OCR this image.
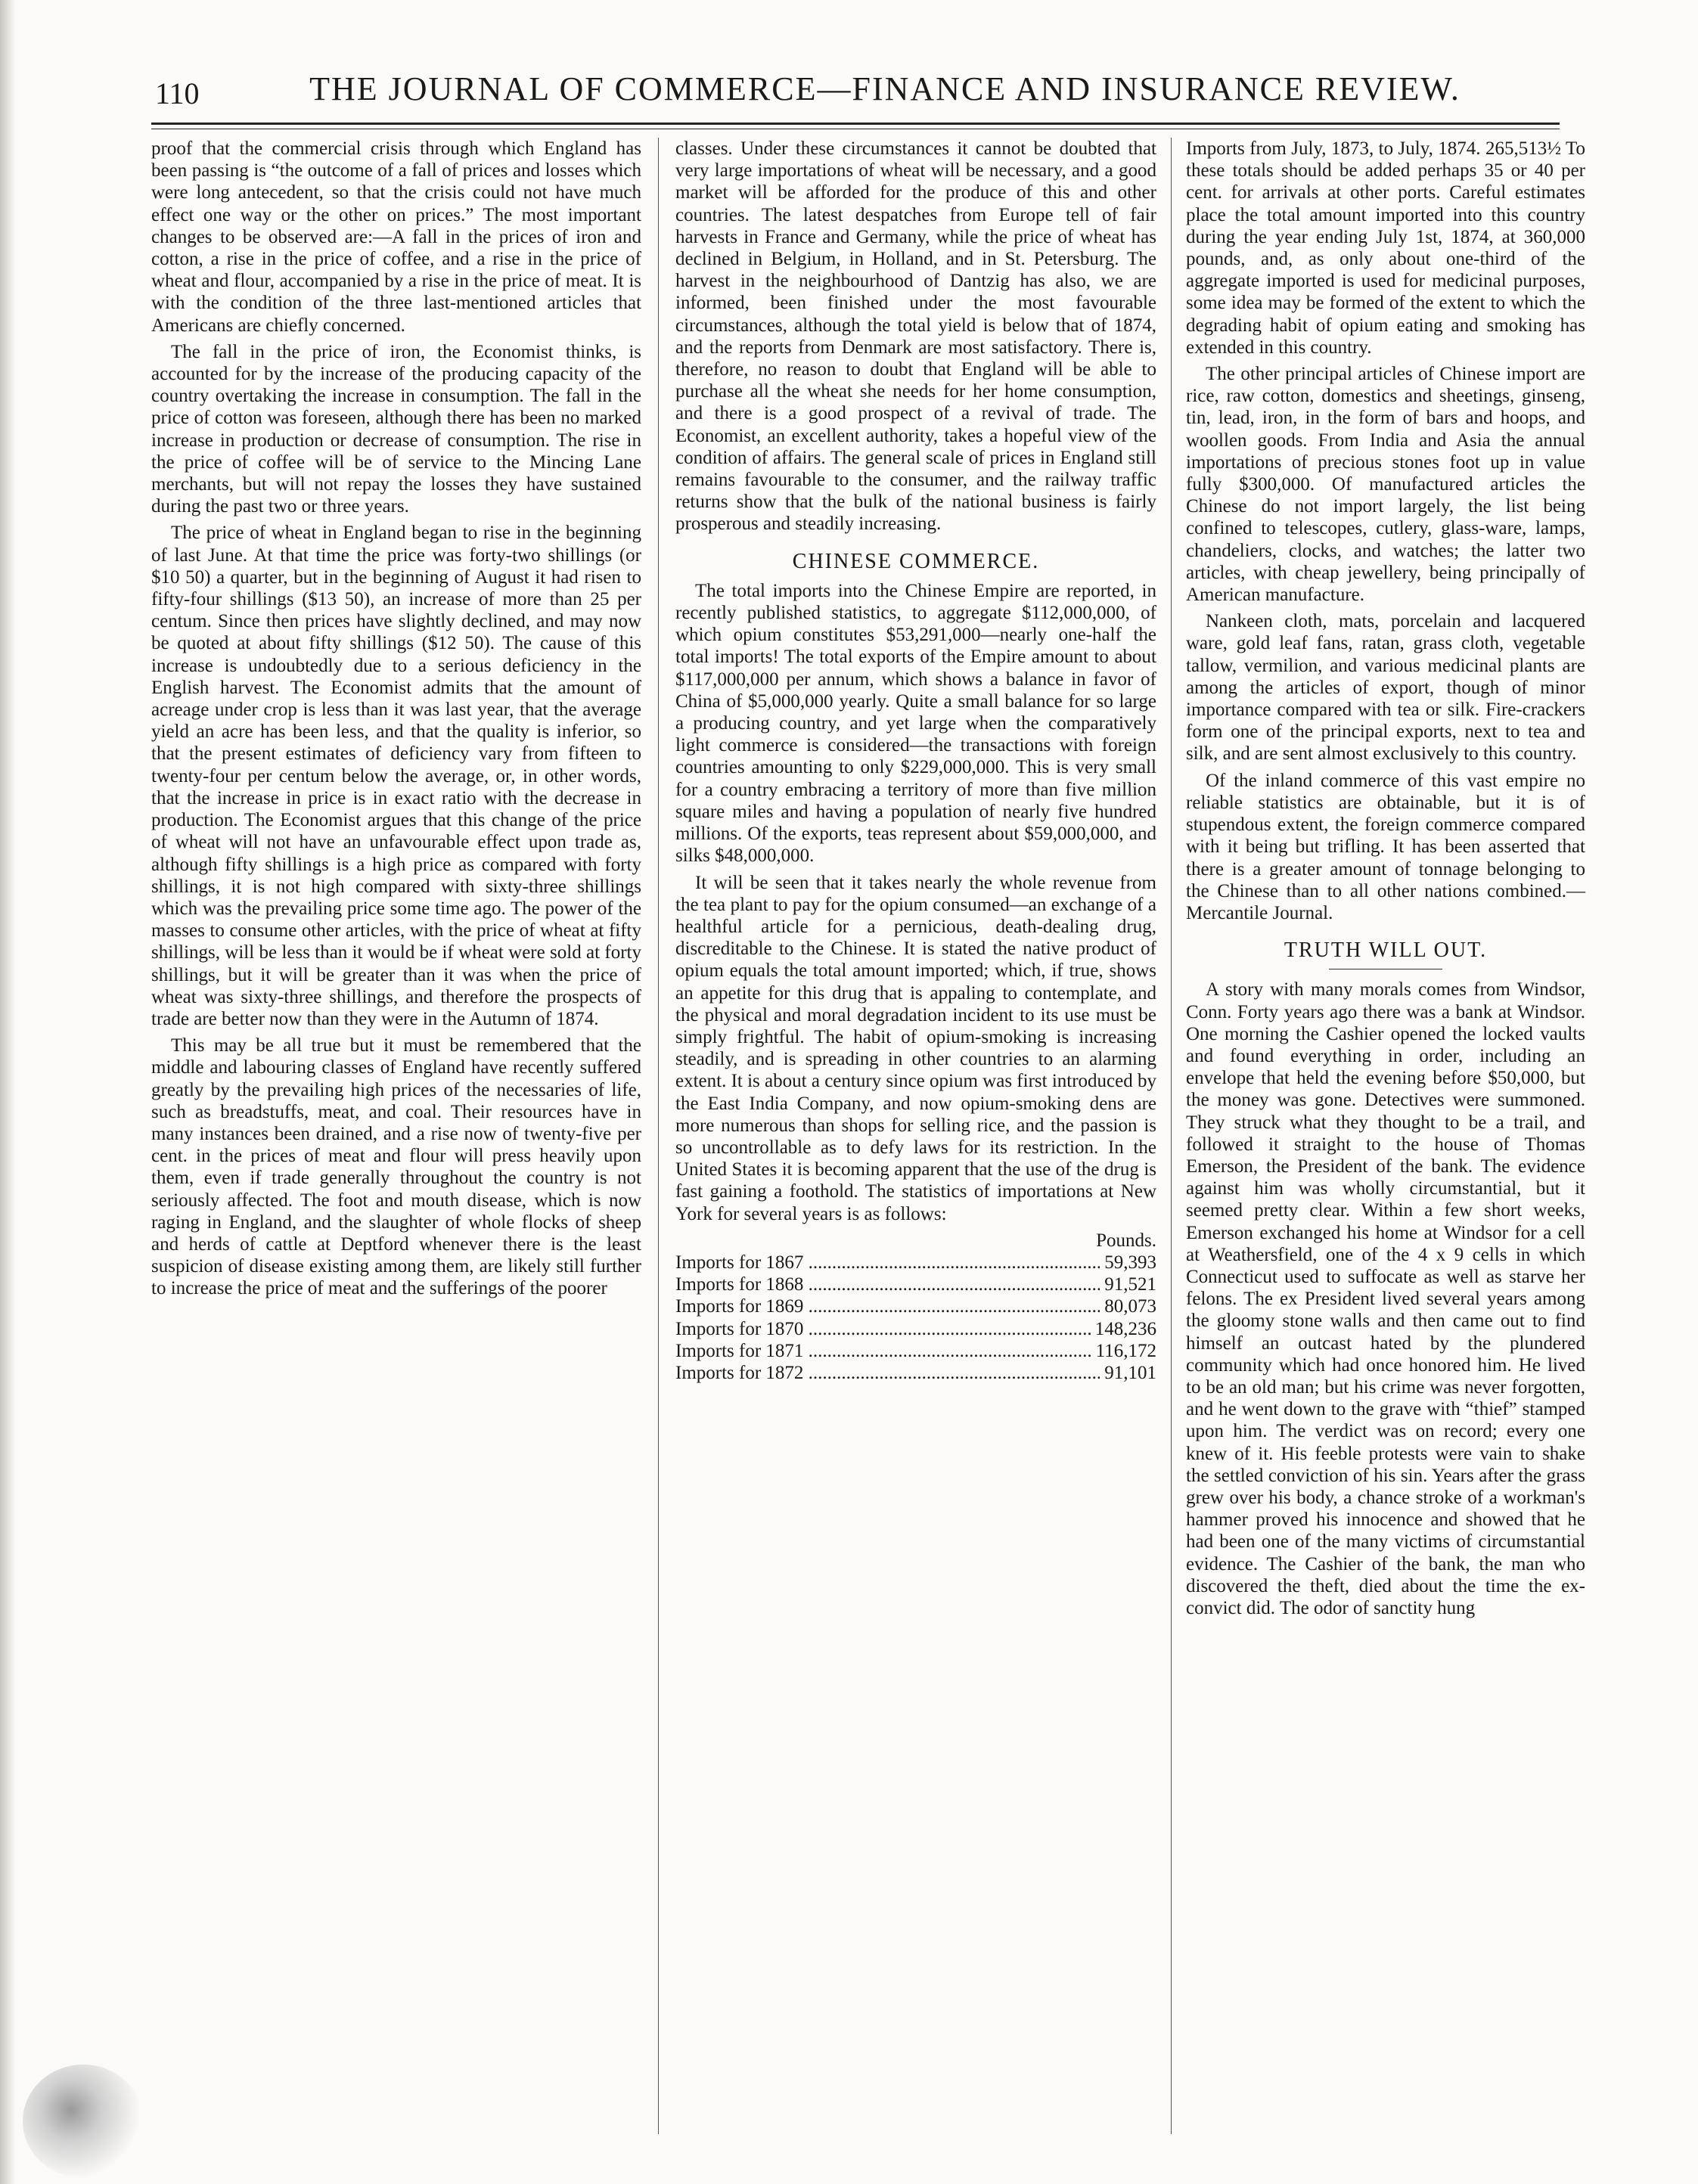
110	THE JOURNAL OF COMMERCE—FINANCE AND INSURANCE REVIEW.

proof that the commercial crisis through which England has been passing is “the outcome of a fall of prices and losses which were long antecedent, so that the crisis could not have much effect one way or the other on prices.” The most important changes to be observed are:—A fall in the prices of iron and cotton, a rise in the price of coffee, and a rise in the price of wheat and flour, accompanied by a rise in the price of meat. It is with the condition of the three last-mentioned articles that Americans are chiefly concerned.

The fall in the price of iron, the Economist thinks, is accounted for by the increase of the producing capacity of the country overtaking the increase in consumption. The fall in the price of cotton was foreseen, although there has been no marked increase in production or decrease of consumption. The rise in the price of coffee will be of service to the Mincing Lane merchants, but will not repay the losses they have sustained during the past two or three years.

The price of wheat in England began to rise in the beginning of last June. At that time the price was forty-two shillings (or $10 50) a quarter, but in the beginning of August it had risen to fifty-four shillings ($13 50), an increase of more than 25 per centum. Since then prices have slightly declined, and may now be quoted at about fifty shillings ($12 50). The cause of this increase is undoubtedly due to a serious deficiency in the English harvest. The Economist admits that the amount of acreage under crop is less than it was last year, that the average yield an acre has been less, and that the quality is inferior, so that the present estimates of deficiency vary from fifteen to twenty-four per centum below the average, or, in other words, that the increase in price is in exact ratio with the decrease in production. The Economist argues that this change of the price of wheat will not have an unfavourable effect upon trade as, although fifty shillings is a high price as compared with forty shillings, it is not high compared with sixty-three shillings which was the prevailing price some time ago. The power of the masses to consume other articles, with the price of wheat at fifty shillings, will be less than it would be if wheat were sold at forty shillings, but it will be greater than it was when the price of wheat was sixty-three shillings, and therefore the prospects of trade are better now than they were in the Autumn of 1874.

This may be all true but it must be remembered that the middle and labouring classes of England have recently suffered greatly by the prevailing high prices of the necessaries of life, such as breadstuffs, meat, and coal. Their resources have in many instances been drained, and a rise now of twenty-five per cent. in the prices of meat and flour will press heavily upon them, even if trade generally throughout the country is not seriously affected. The foot and mouth disease, which is now raging in England, and the slaughter of whole flocks of sheep and herds of cattle at Deptford whenever there is the least suspicion of disease existing among them, are likely still further to increase the price of meat and the sufferings of the poorer

classes. Under these circumstances it cannot be doubted that very large importations of wheat will be necessary, and a good market will be afforded for the produce of this and other countries. The latest despatches from Europe tell of fair harvests in France and Germany, while the price of wheat has declined in Belgium, in Holland, and in St. Petersburg. The harvest in the neighbourhood of Dantzig has also, we are informed, been finished under the most favourable circumstances, although the total yield is below that of 1874, and the reports from Denmark are most satisfactory. There is, therefore, no reason to doubt that England will be able to purchase all the wheat she needs for her home consumption, and there is a good prospect of a revival of trade. The Economist, an excellent authority, takes a hopeful view of the condition of affairs. The general scale of prices in England still remains favourable to the consumer, and the railway traffic returns show that the bulk of the national business is fairly prosperous and steadily increasing.

CHINESE COMMERCE.

The total imports into the Chinese Empire are reported, in recently published statistics, to aggregate $112,000,000, of which opium constitutes $53,291,000—nearly one-half the total imports! The total exports of the Empire amount to about $117,000,000 per annum, which shows a balance in favor of China of $5,000,000 yearly. Quite a small balance for so large a producing country, and yet large when the comparatively light commerce is considered—the transactions with foreign countries amounting to only $229,000,000. This is very small for a country embracing a territory of more than five million square miles and having a population of nearly five hundred millions. Of the exports, teas represent about $59,000,000, and silks $48,000,000.

It will be seen that it takes nearly the whole revenue from the tea plant to pay for the opium consumed—an exchange of a healthful article for a pernicious, death-dealing drug, discreditable to the Chinese. It is stated the native product of opium equals the total amount imported; which, if true, shows an appetite for this drug that is appaling to contemplate, and the physical and moral degradation incident to its use must be simply frightful. The habit of opium-smoking is increasing steadily, and is spreading in other countries to an alarming extent. It is about a century since opium was first introduced by the East India Company, and now opium-smoking dens are more numerous than shops for selling rice, and the passion is so uncontrollable as to defy laws for its restriction. In the United States it is becoming apparent that the use of the drug is fast gaining a foothold. The statistics of importations at New York for several years is as follows:

Pounds.
Imports for 1867 .....	59,393
Imports for 1868 .....	91,521
Imports for 1869 .....	80,073
Imports for 1870 .....	148,236
Imports for 1871 .....	116,172
Imports for 1872 .....	91,101

Imports from July, 1873, to July, 1874. 265,513½ To these totals should be added perhaps 35 or 40 per cent. for arrivals at other ports. Careful estimates place the total amount imported into this country during the year ending July 1st, 1874, at 360,000 pounds, and, as only about one-third of the aggregate imported is used for medicinal purposes, some idea may be formed of the extent to which the degrading habit of opium eating and smoking has extended in this country.

The other principal articles of Chinese import are rice, raw cotton, domestics and sheetings, ginseng, tin, lead, iron, in the form of bars and hoops, and woollen goods. From India and Asia the annual importations of precious stones foot up in value fully $300,000. Of manufactured articles the Chinese do not import largely, the list being confined to telescopes, cutlery, glass-ware, lamps, chandeliers, clocks, and watches; the latter two articles, with cheap jewellery, being principally of American manufacture.

Nankeen cloth, mats, porcelain and lacquered ware, gold leaf fans, ratan, grass cloth, vegetable tallow, vermilion, and various medicinal plants are among the articles of export, though of minor importance compared with tea or silk. Fire-crackers form one of the principal exports, next to tea and silk, and are sent almost exclusively to this country.

Of the inland commerce of this vast empire no reliable statistics are obtainable, but it is of stupendous extent, the foreign commerce compared with it being but trifling. It has been asserted that there is a greater amount of tonnage belonging to the Chinese than to all other nations combined.—Mercantile Journal.

TRUTH WILL OUT.

A story with many morals comes from Windsor, Conn. Forty years ago there was a bank at Windsor. One morning the Cashier opened the locked vaults and found everything in order, including an envelope that held the evening before $50,000, but the money was gone. Detectives were summoned. They struck what they thought to be a trail, and followed it straight to the house of Thomas Emerson, the President of the bank. The evidence against him was wholly circumstantial, but it seemed pretty clear. Within a few short weeks, Emerson exchanged his home at Windsor for a cell at Weathersfield, one of the 4 x 9 cells in which Connecticut used to suffocate as well as starve her felons. The ex President lived several years among the gloomy stone walls and then came out to find himself an outcast hated by the plundered community which had once honored him. He lived to be an old man; but his crime was never forgotten, and he went down to the grave with “thief” stamped upon him. The verdict was on record; every one knew of it. His feeble protests were vain to shake the settled conviction of his sin. Years after the grass grew over his body, a chance stroke of a workman's hammer proved his innocence and showed that he had been one of the many victims of circumstantial evidence. The Cashier of the bank, the man who discovered the theft, died about the time the ex-convict did. The odor of sanctity hung
